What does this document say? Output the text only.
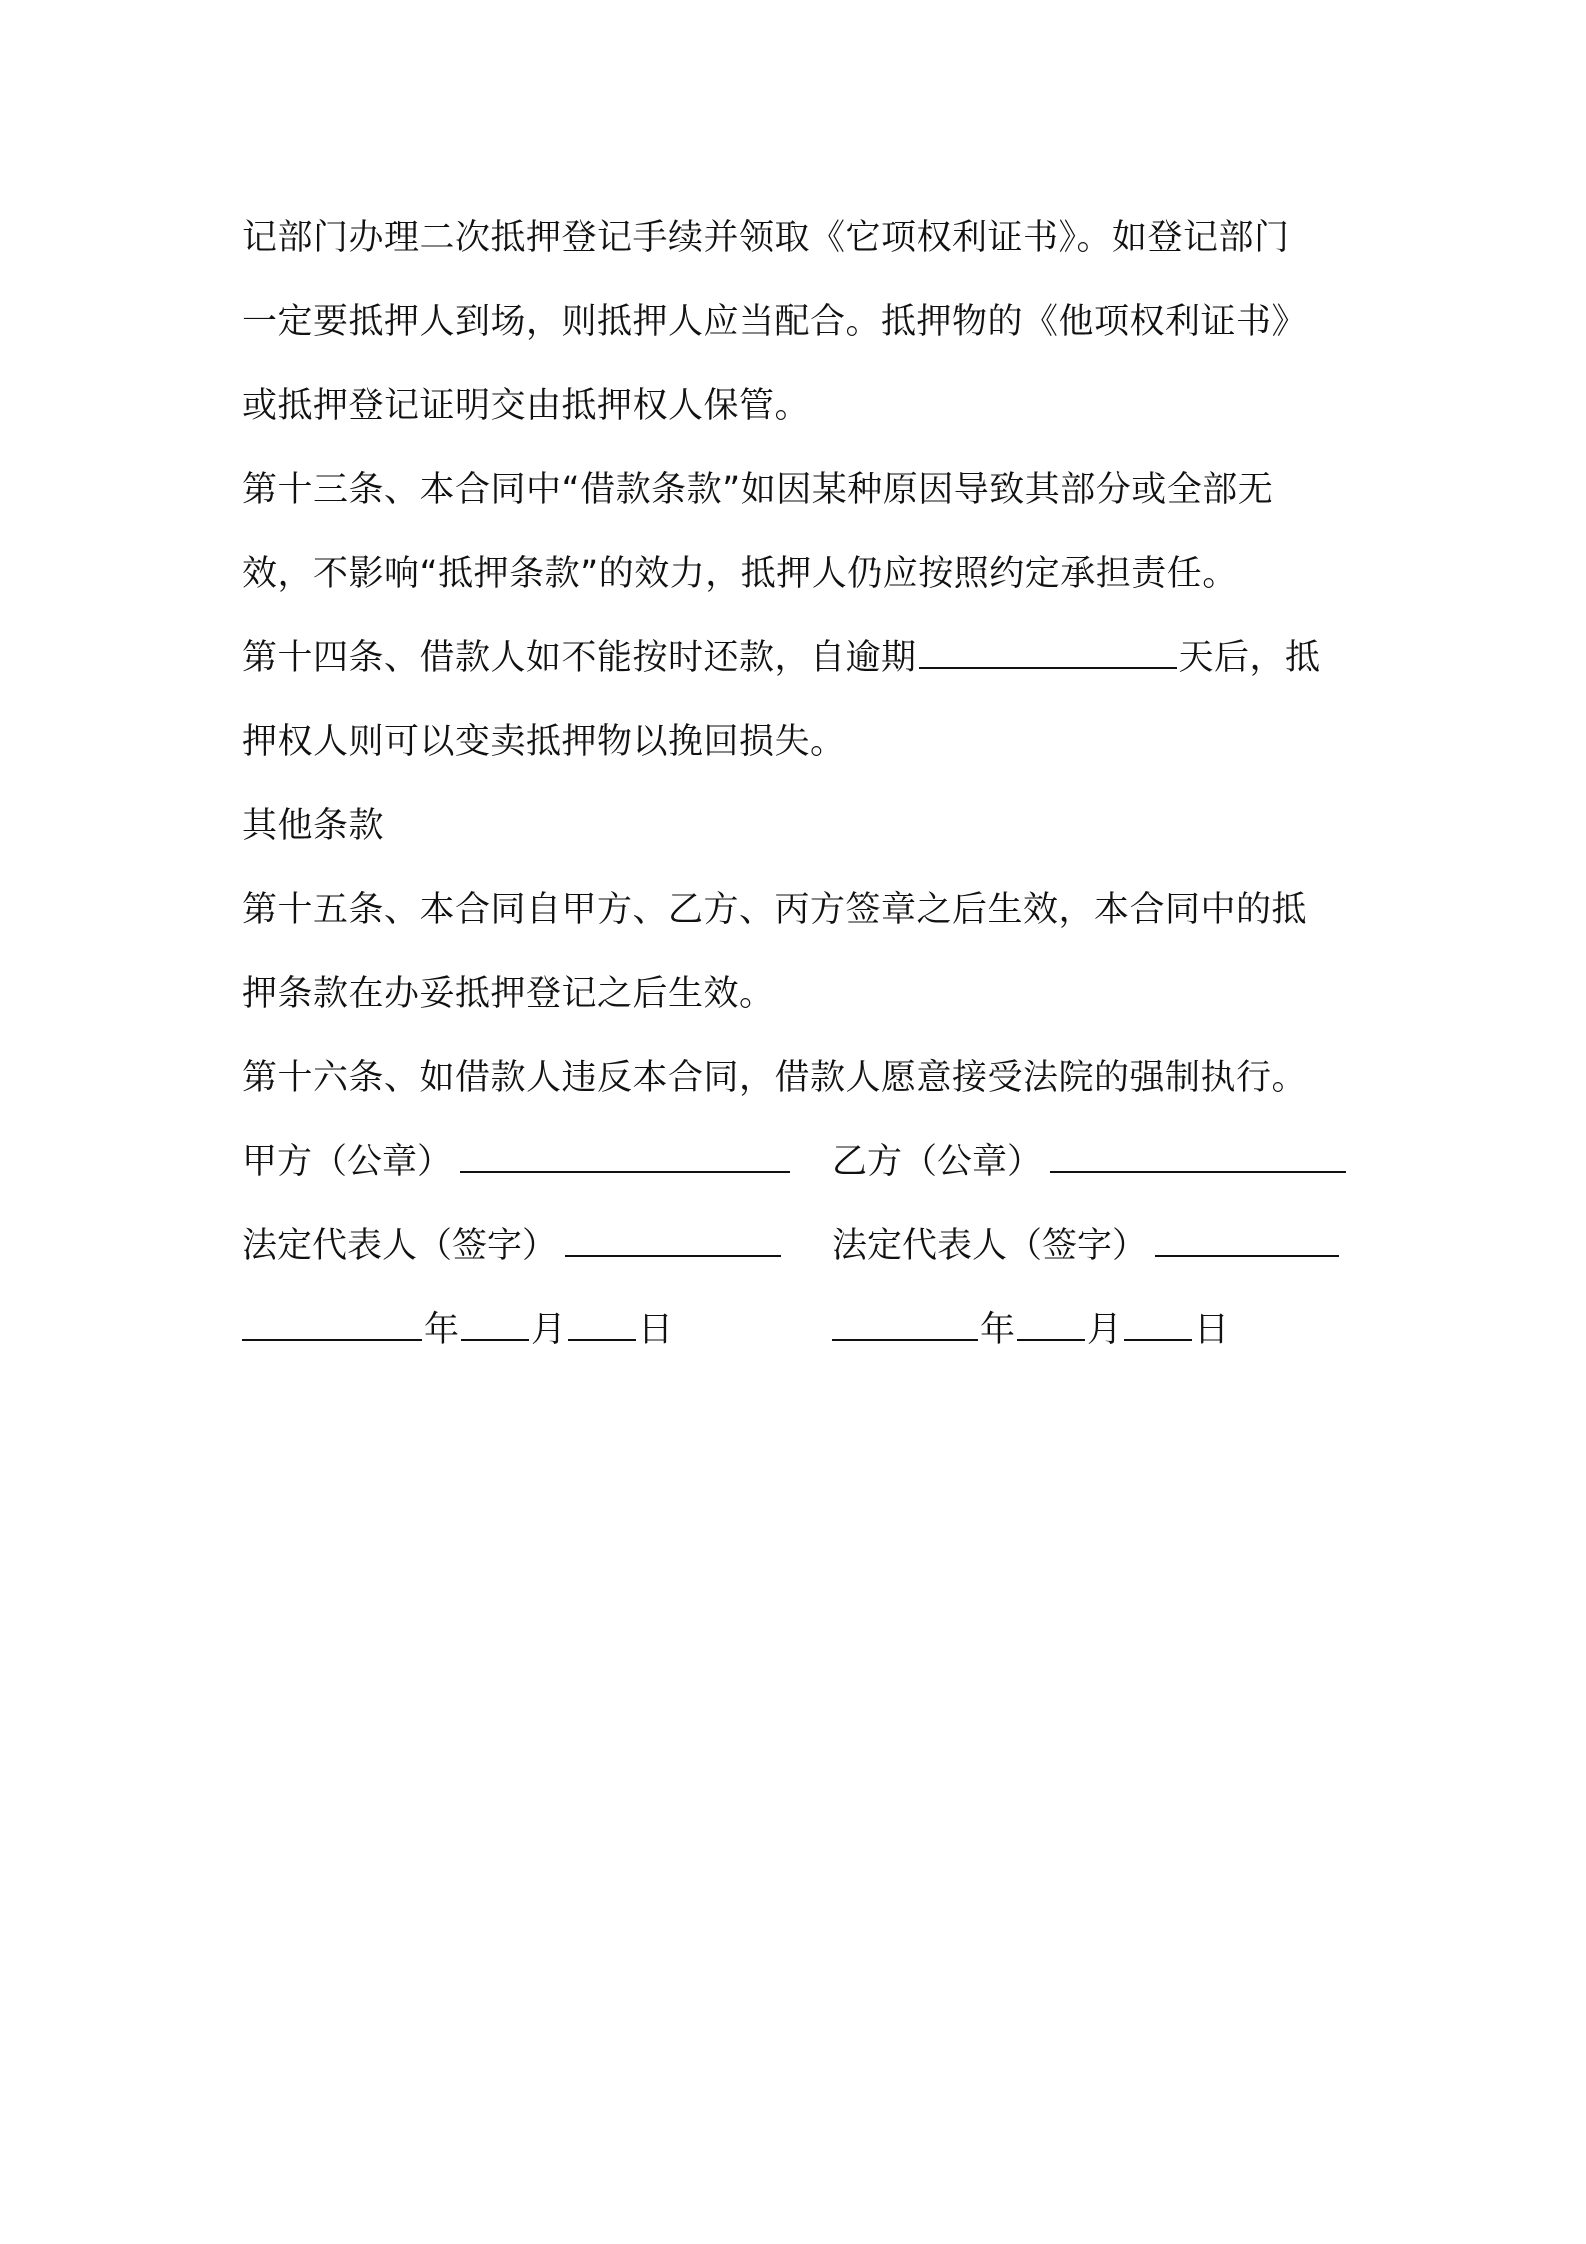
记部门办理二次抵押登记手续并领取《它项权利证书》。如登记部门
一定要抵押人到场，则抵押人应当配合。抵押物的《他项权利证书》
或抵押登记证明交由抵押权人保管。
第十三条、本合同中“借款条款”如因某种原因导致其部分或全部无
效，不影响“抵押条款”的效力，抵押人仍应按照约定承担责任。
第十四条、借款人如不能按时还款，自逾期	天后，抵
押权人则可以变卖抵押物以挽回损失。
其他条款
第十五条、本合同自甲方、乙方、丙方签章之后生效，本合同中的抵
押条款在办妥抵押登记之后生效。
第十六条、如借款人违反本合同，借款人愿意接受法院的强制执行。
甲方（公章）	乙方（公章）
法定代表人（签字）	法定代表人（签字）
年 月 日	年 月 日
